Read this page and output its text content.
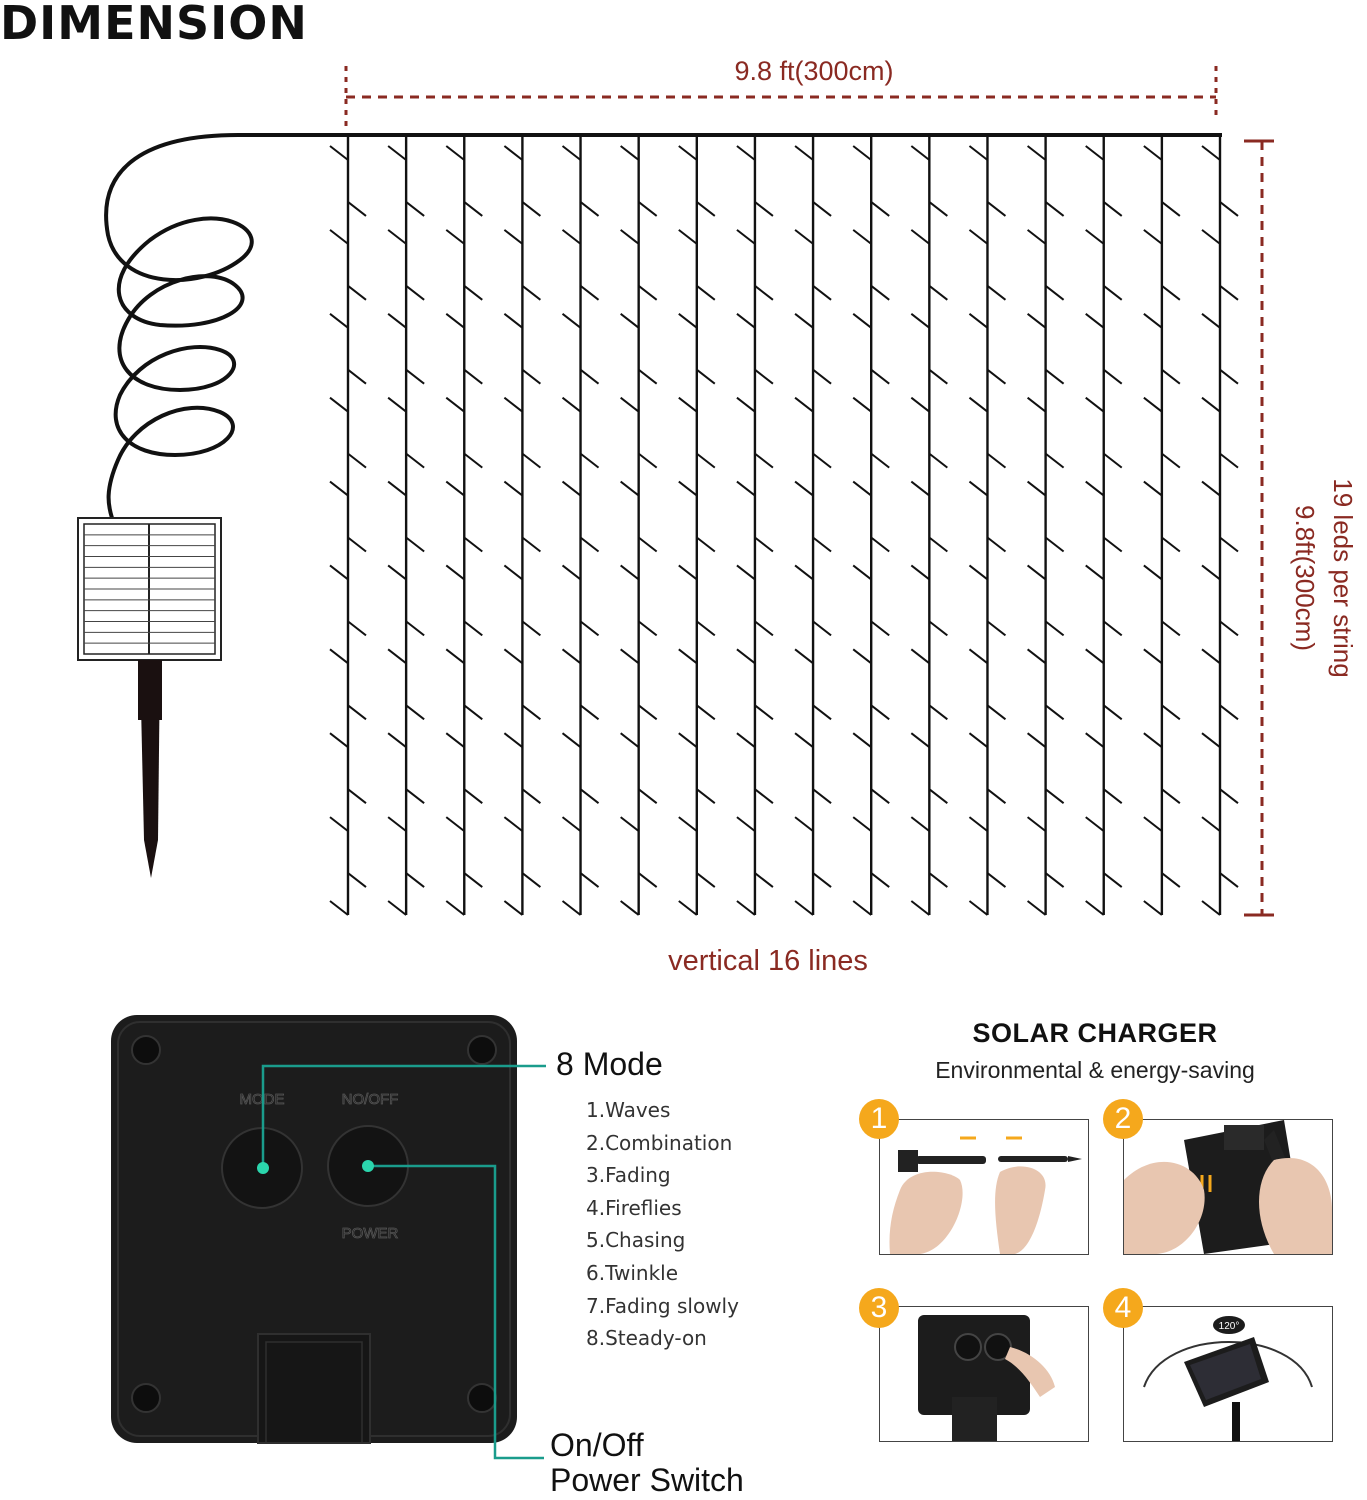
DIMENSION
9.8 ft(300cm)
9.8ft(300cm) 19 leds per string
vertical 16 lines
MODE	NO/OFF
POWER
8 Mode
1.Waves
2.Combination
3.Fading
4.Fireflies
5.Chasing
6.Twinkle
7.Fading slowly
8.Steady-on
On/Off
Power Switch
SOLAR CHARGER
Environmental & energy-saving
1	2
3
120°
4
